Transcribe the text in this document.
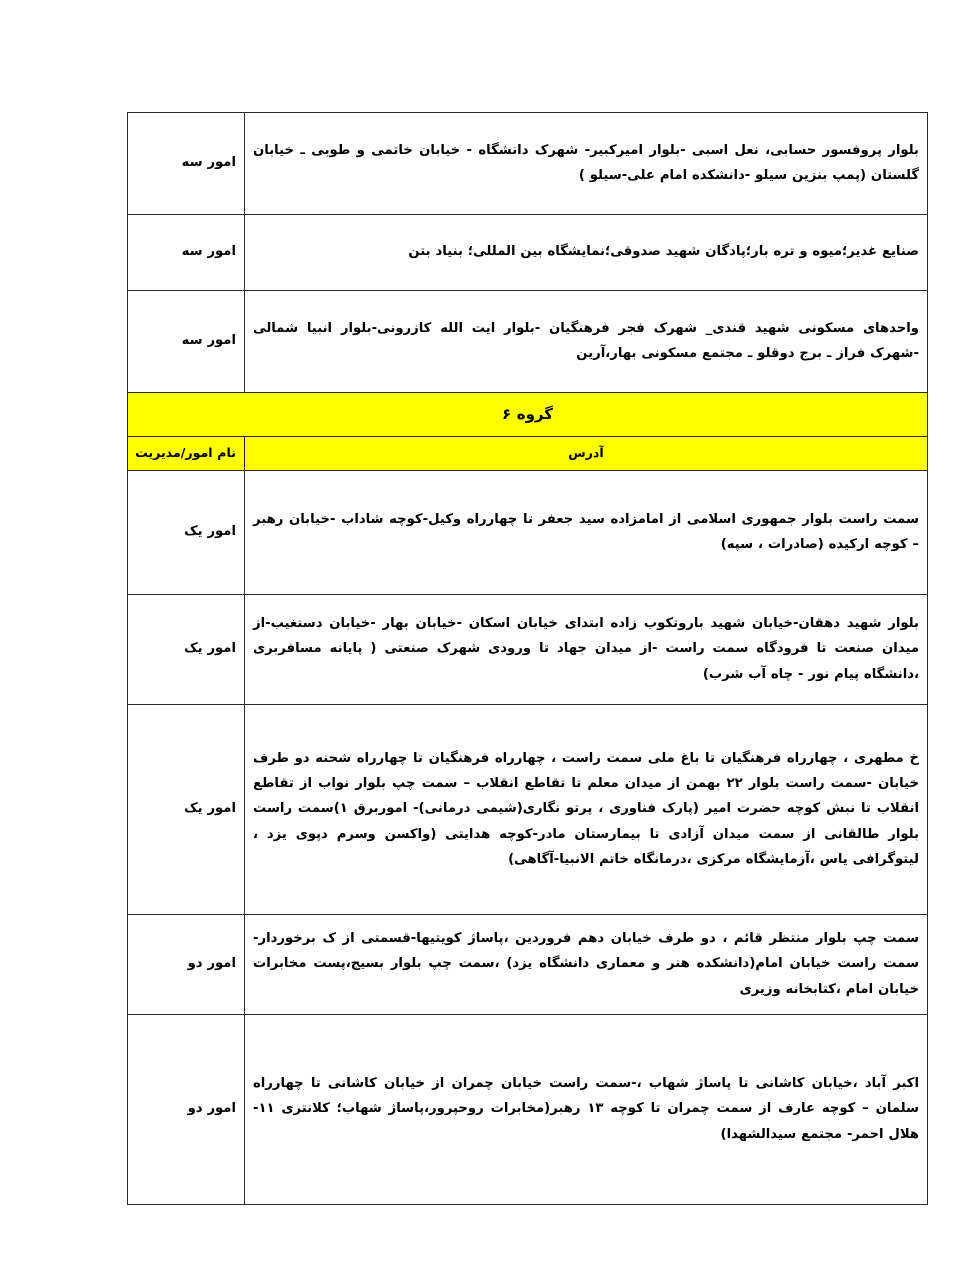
بلوار پروفسور حسابی، نعل اسبی -بلوار امیرکبیر- شهرک دانشگاه - خیابان خاتمی و طوبی ـ خیابان گلستان (پمپ بنزین سیلو -دانشکده امام علی-سیلو )	امور سه
صنایع غدیر؛میوه و تره بار؛پادگان شهید صدوقی؛نمایشگاه بین المللی؛ بنیاد بتن	امور سه
واحدهای مسکونی شهید قندی_ شهرک فجر فرهنگیان -بلوار ایت الله کازرونی-بلوار انبیا شمالی -شهرک فراز ـ برج دوقلو ـ مجتمع مسکونی بهار،آرین	امور سه
گروه ۶	
آدرس	نام امور/مدیریت
سمت راست بلوار جمهوری اسلامی از امامزاده سید جعفر تا چهارراه وکیل-کوچه شاداب -خیابان رهبر – کوچه ارکیده (صادرات ، سپه)	امور یک
بلوار شهید دهقان-خیابان شهید باروتکوب زاده ابتدای خیابان اسکان -خیابان بهار -خیابان دستغیب-از میدان صنعت تا فرودگاه سمت راست -از میدان جهاد تا ورودی شهرک صنعتی ( پایانه مسافربری ،دانشگاه پیام نور - چاه آب شرب)	امور یک
خ مطهری ، چهارراه فرهنگیان تا باغ ملی سمت راست ، چهارراه فرهنگیان تا چهارراه شحنه دو طرف خیابان -سمت راست بلوار ۲۲ بهمن از میدان معلم تا تقاطع انقلاب – سمت چپ بلوار نواب از تقاطع انقلاب تا نبش کوچه حضرت امیر (پارک فناوری ، پرتو نگاری(شیمی درمانی)- اموربرق ۱)سمت راست بلوار طالقانی از سمت میدان آزادی تا بیمارستان مادر-کوچه هدایتی (واکسن وسرم دپوی یزد ، لیتوگرافی یاس ،آزمایشگاه مرکزی ،درمانگاه خاتم الانبیا-آگاهی)	امور یک
سمت چپ بلوار منتظر قائم ، دو طرف خیابان دهم فروردین ،پاساژ کویتیها-قسمتی از ک برخوردار-سمت راست خیابان امام(دانشکده هنر و معماری دانشگاه یزد) ،سمت چپ بلوار بسیج،پست مخابرات خیابان امام ،کتابخانه وزیری	امور دو
اکبر آباد ،خیابان کاشانی تا پاساژ شهاب ،-سمت راست خیابان چمران از خیابان کاشانی تا چهارراه سلمان – کوچه عارف از سمت چمران تا کوچه ۱۳ رهبر(مخابرات روحپرور،پاساژ شهاب؛ کلانتری ۱۱-هلال احمر- مجتمع سیدالشهدا)	امور دو
